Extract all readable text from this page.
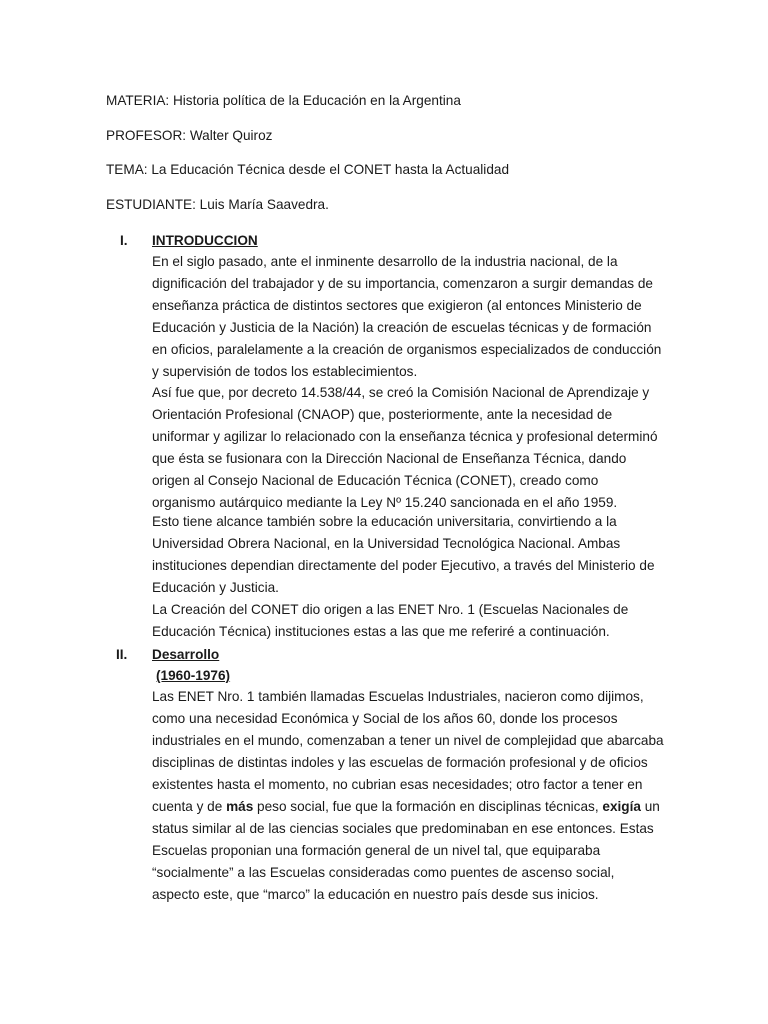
MATERIA: Historia política de la Educación en la Argentina
PROFESOR: Walter Quiroz
TEMA: La Educación Técnica desde el CONET hasta la Actualidad
ESTUDIANTE: Luis María Saavedra.
I. INTRODUCCION

En el siglo pasado, ante el inminente desarrollo de la industria nacional, de la dignificación del trabajador y de su importancia, comenzaron a surgir demandas de enseñanza práctica de distintos sectores que exigieron (al entonces Ministerio de Educación y Justicia de la Nación) la creación de escuelas técnicas y de formación en oficios, paralelamente a la creación de organismos especializados de conducción y supervisión de todos los establecimientos.

Así fue que, por decreto 14.538/44, se creó la Comisión Nacional de Aprendizaje y Orientación Profesional (CNAOP) que, posteriormente, ante la necesidad de uniformar y agilizar lo relacionado con la enseñanza técnica y profesional determinó que ésta se fusionara con la Dirección Nacional de Enseñanza Técnica, dando origen al Consejo Nacional de Educación Técnica (CONET), creado como organismo autárquico mediante la Ley Nº 15.240 sancionada en el año 1959.

Esto tiene alcance también sobre la educación universitaria, convirtiendo a la Universidad Obrera Nacional, en la Universidad Tecnológica Nacional. Ambas instituciones dependian directamente del poder Ejecutivo, a través del Ministerio de Educación y Justicia.

La Creación del CONET dio origen a las ENET Nro. 1 (Escuelas Nacionales de Educación Técnica) instituciones estas a las que me referiré a continuación.

II. Desarrollo
(1960-1976)

Las ENET Nro. 1 también llamadas Escuelas Industriales, nacieron como dijimos, como una necesidad Económica y Social de los años 60, donde los procesos industriales en el mundo, comenzaban a tener un nivel de complejidad que abarcaba disciplinas de distintas indoles y las escuelas de formación profesional y de oficios existentes hasta el momento, no cubrian esas necesidades; otro factor a tener en cuenta y de más peso social, fue que la formación en disciplinas técnicas, exigía un status similar al de las ciencias sociales que predominaban en ese entonces. Estas Escuelas proponian una formación general de un nivel tal, que equiparaba “socialmente” a las Escuelas consideradas como puentes de ascenso social, aspecto este, que “marco” la educación en nuestro país desde sus inicios.
